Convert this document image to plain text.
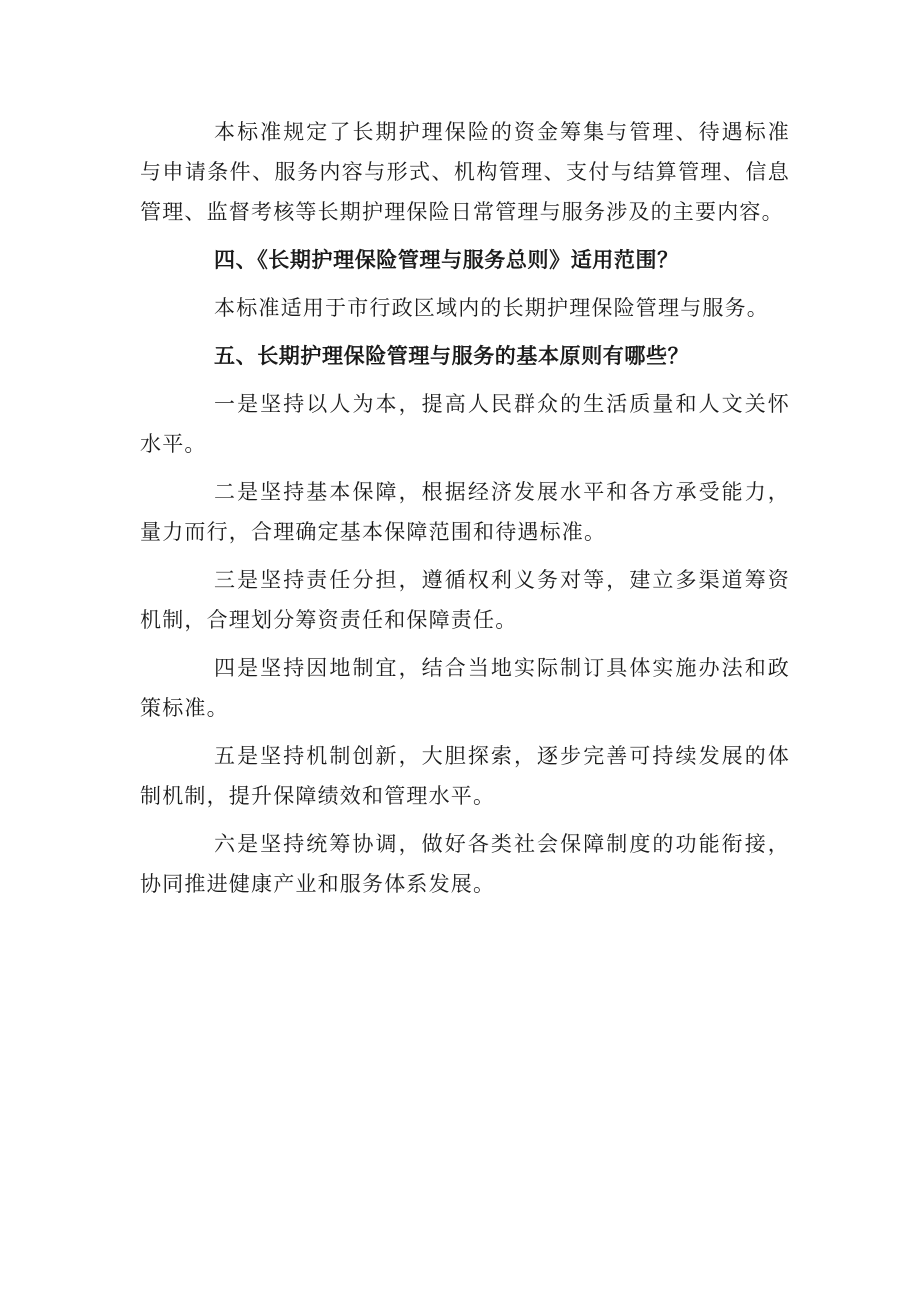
本标准规定了长期护理保险的资金筹集与管理、待遇标准与申请条件、服务内容与形式、机构管理、支付与结算管理、信息管理、监督考核等长期护理保险日常管理与服务涉及的主要内容。

四、《长期护理保险管理与服务总则》适用范围？

本标准适用于市行政区域内的长期护理保险管理与服务。

五、长期护理保险管理与服务的基本原则有哪些？

一是坚持以人为本，提高人民群众的生活质量和人文关怀水平。

二是坚持基本保障，根据经济发展水平和各方承受能力，量力而行，合理确定基本保障范围和待遇标准。

三是坚持责任分担，遵循权利义务对等，建立多渠道筹资机制，合理划分筹资责任和保障责任。

四是坚持因地制宜，结合当地实际制订具体实施办法和政策标准。

五是坚持机制创新，大胆探索，逐步完善可持续发展的体制机制，提升保障绩效和管理水平。

六是坚持统筹协调，做好各类社会保障制度的功能衔接，协同推进健康产业和服务体系发展。
